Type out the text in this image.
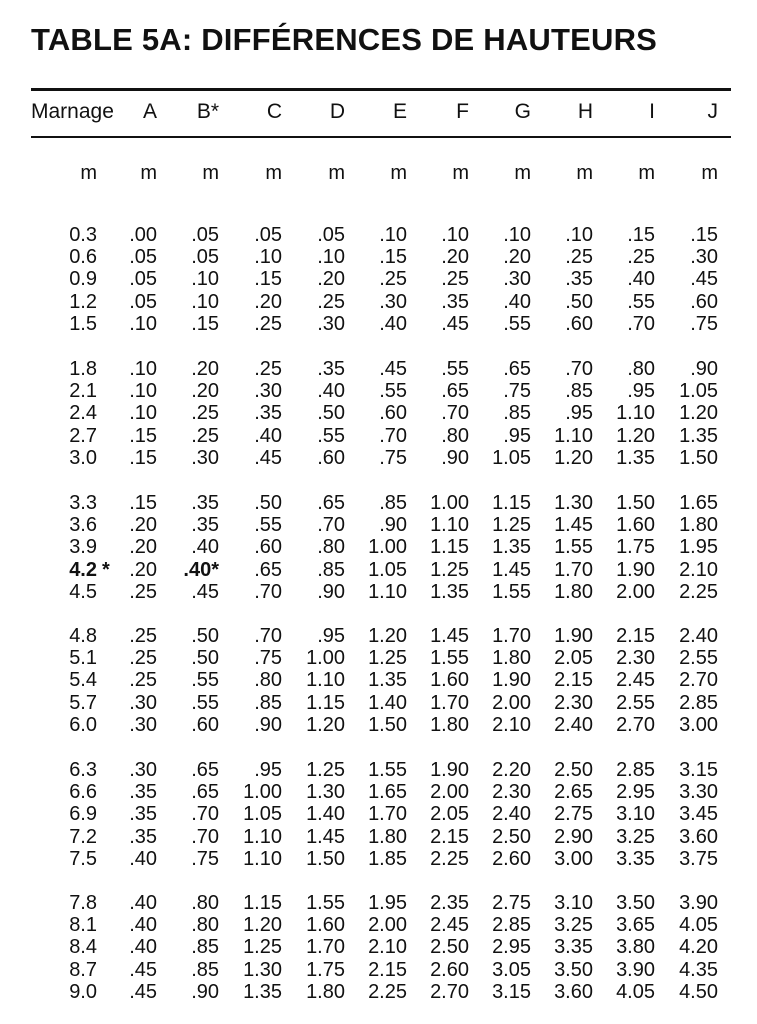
TABLE 5A: DIFFÉRENCES DE HAUTEURS
Marnage	A	B*	C	D	E	F	G	H	I	J
m	m	m	m	m	m	m	m	m	m	m
0.3	.00	.05	.05	.05	.10	.10	.10	.10	.15	.15
0.6	.05	.05	.10	.10	.15	.20	.20	.25	.25	.30
0.9	.05	.10	.15	.20	.25	.25	.30	.35	.40	.45
1.2	.05	.10	.20	.25	.30	.35	.40	.50	.55	.60
1.5	.10	.15	.25	.30	.40	.45	.55	.60	.70	.75
1.8	.10	.20	.25	.35	.45	.55	.65	.70	.80	.90
2.1	.10	.20	.30	.40	.55	.65	.75	.85	.95	1.05
2.4	.10	.25	.35	.50	.60	.70	.85	.95	1.10	1.20
2.7	.15	.25	.40	.55	.70	.80	.95	1.10	1.20	1.35
3.0	.15	.30	.45	.60	.75	.90	1.05	1.20	1.35	1.50
3.3	.15	.35	.50	.65	.85	1.00	1.15	1.30	1.50	1.65
3.6	.20	.35	.55	.70	.90	1.10	1.25	1.45	1.60	1.80
3.9	.20	.40	.60	.80	1.00	1.15	1.35	1.55	1.75	1.95
4.2	.20	.40*	.65	.85	1.05	1.25	1.45	1.70	1.90	2.10
*
4.5	.25	.45	.70	.90	1.10	1.35	1.55	1.80	2.00	2.25
4.8	.25	.50	.70	.95	1.20	1.45	1.70	1.90	2.15	2.40
5.1	.25	.50	.75	1.00	1.25	1.55	1.80	2.05	2.30	2.55
5.4	.25	.55	.80	1.10	1.35	1.60	1.90	2.15	2.45	2.70
5.7	.30	.55	.85	1.15	1.40	1.70	2.00	2.30	2.55	2.85
6.0	.30	.60	.90	1.20	1.50	1.80	2.10	2.40	2.70	3.00
6.3	.30	.65	.95	1.25	1.55	1.90	2.20	2.50	2.85	3.15
6.6	.35	.65	1.00	1.30	1.65	2.00	2.30	2.65	2.95	3.30
6.9	.35	.70	1.05	1.40	1.70	2.05	2.40	2.75	3.10	3.45
7.2	.35	.70	1.10	1.45	1.80	2.15	2.50	2.90	3.25	3.60
7.5	.40	.75	1.10	1.50	1.85	2.25	2.60	3.00	3.35	3.75
7.8	.40	.80	1.15	1.55	1.95	2.35	2.75	3.10	3.50	3.90
8.1	.40	.80	1.20	1.60	2.00	2.45	2.85	3.25	3.65	4.05
8.4	.40	.85	1.25	1.70	2.10	2.50	2.95	3.35	3.80	4.20
8.7	.45	.85	1.30	1.75	2.15	2.60	3.05	3.50	3.90	4.35
9.0	.45	.90	1.35	1.80	2.25	2.70	3.15	3.60	4.05	4.50
